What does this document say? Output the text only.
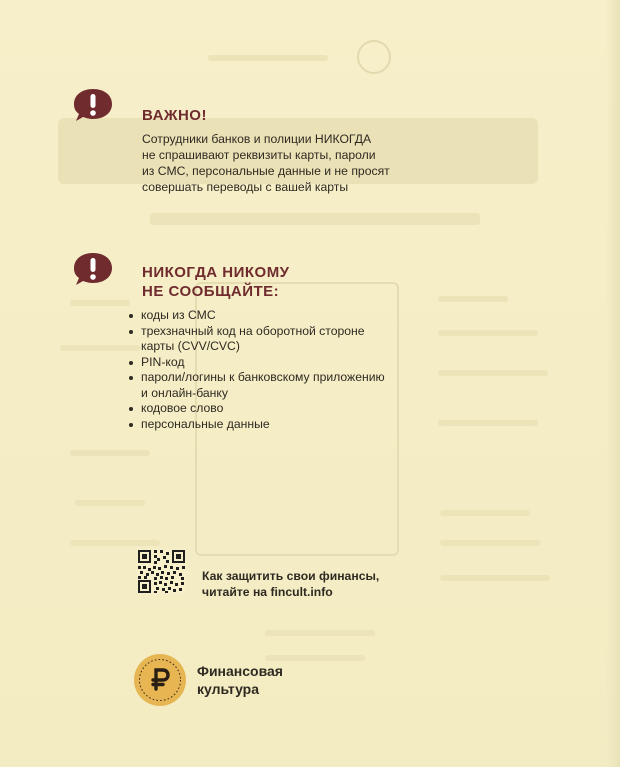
ВАЖНО!

Сотрудники банков и полиции НИКОГДА
не спрашивают реквизиты карты, пароли
из СМС, персональные данные и не просят
совершать переводы с вашей карты

НИКОГДА НИКОМУ
НЕ СООБЩАЙТЕ:
коды из СМС
трехзначный код на оборотной стороне
карты (CVV/CVC)
PIN-код
пароли/логины к банковскому приложению
и онлайн-банку
кодовое слово
персональные данные
Как защитить свои финансы,
читайте на fincult.info
Финансовая
культура
